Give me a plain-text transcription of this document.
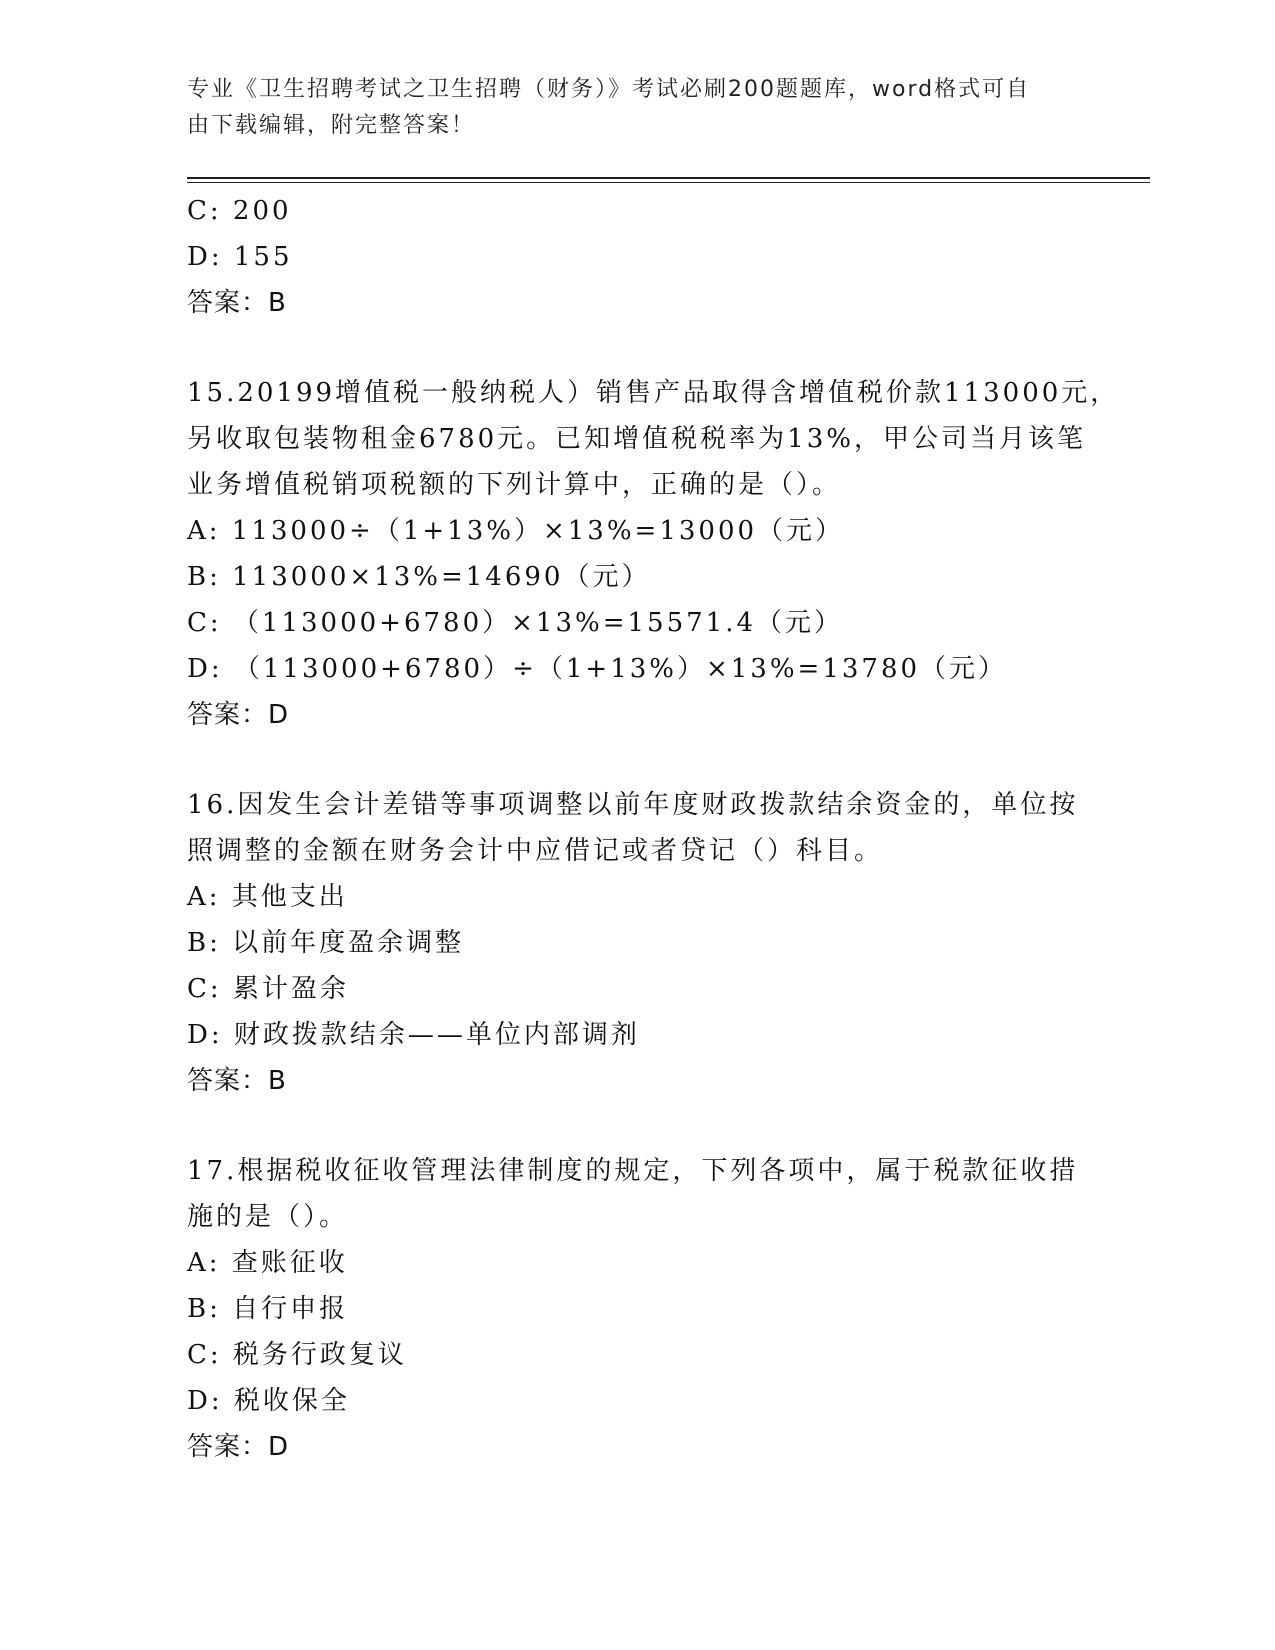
专业《卫生招聘考试之卫生招聘（财务）》考试必刷200题题库，word格式可自
由下载编辑，附完整答案！
C: 200
D: 155
答案：B
15.20199增值税一般纳税人）销售产品取得含增值税价款113000元，
另收取包装物租金6780元。已知增值税税率为13%，甲公司当月该笔
业务增值税销项税额的下列计算中，正确的是（）。
A: 113000÷（1+13%）×13%=13000（元）
B: 113000×13%=14690（元）
C: （113000+6780）×13%=15571.4（元）
D: （113000+6780）÷（1+13%）×13%=13780（元）
答案：D
16.因发生会计差错等事项调整以前年度财政拨款结余资金的，单位按
照调整的金额在财务会计中应借记或者贷记（）科目。
A: 其他支出
B: 以前年度盈余调整
C: 累计盈余
D: 财政拨款结余——单位内部调剂
答案：B
17.根据税收征收管理法律制度的规定，下列各项中，属于税款征收措
施的是（）。
A: 查账征收
B: 自行申报
C: 税务行政复议
D: 税收保全
答案：D
